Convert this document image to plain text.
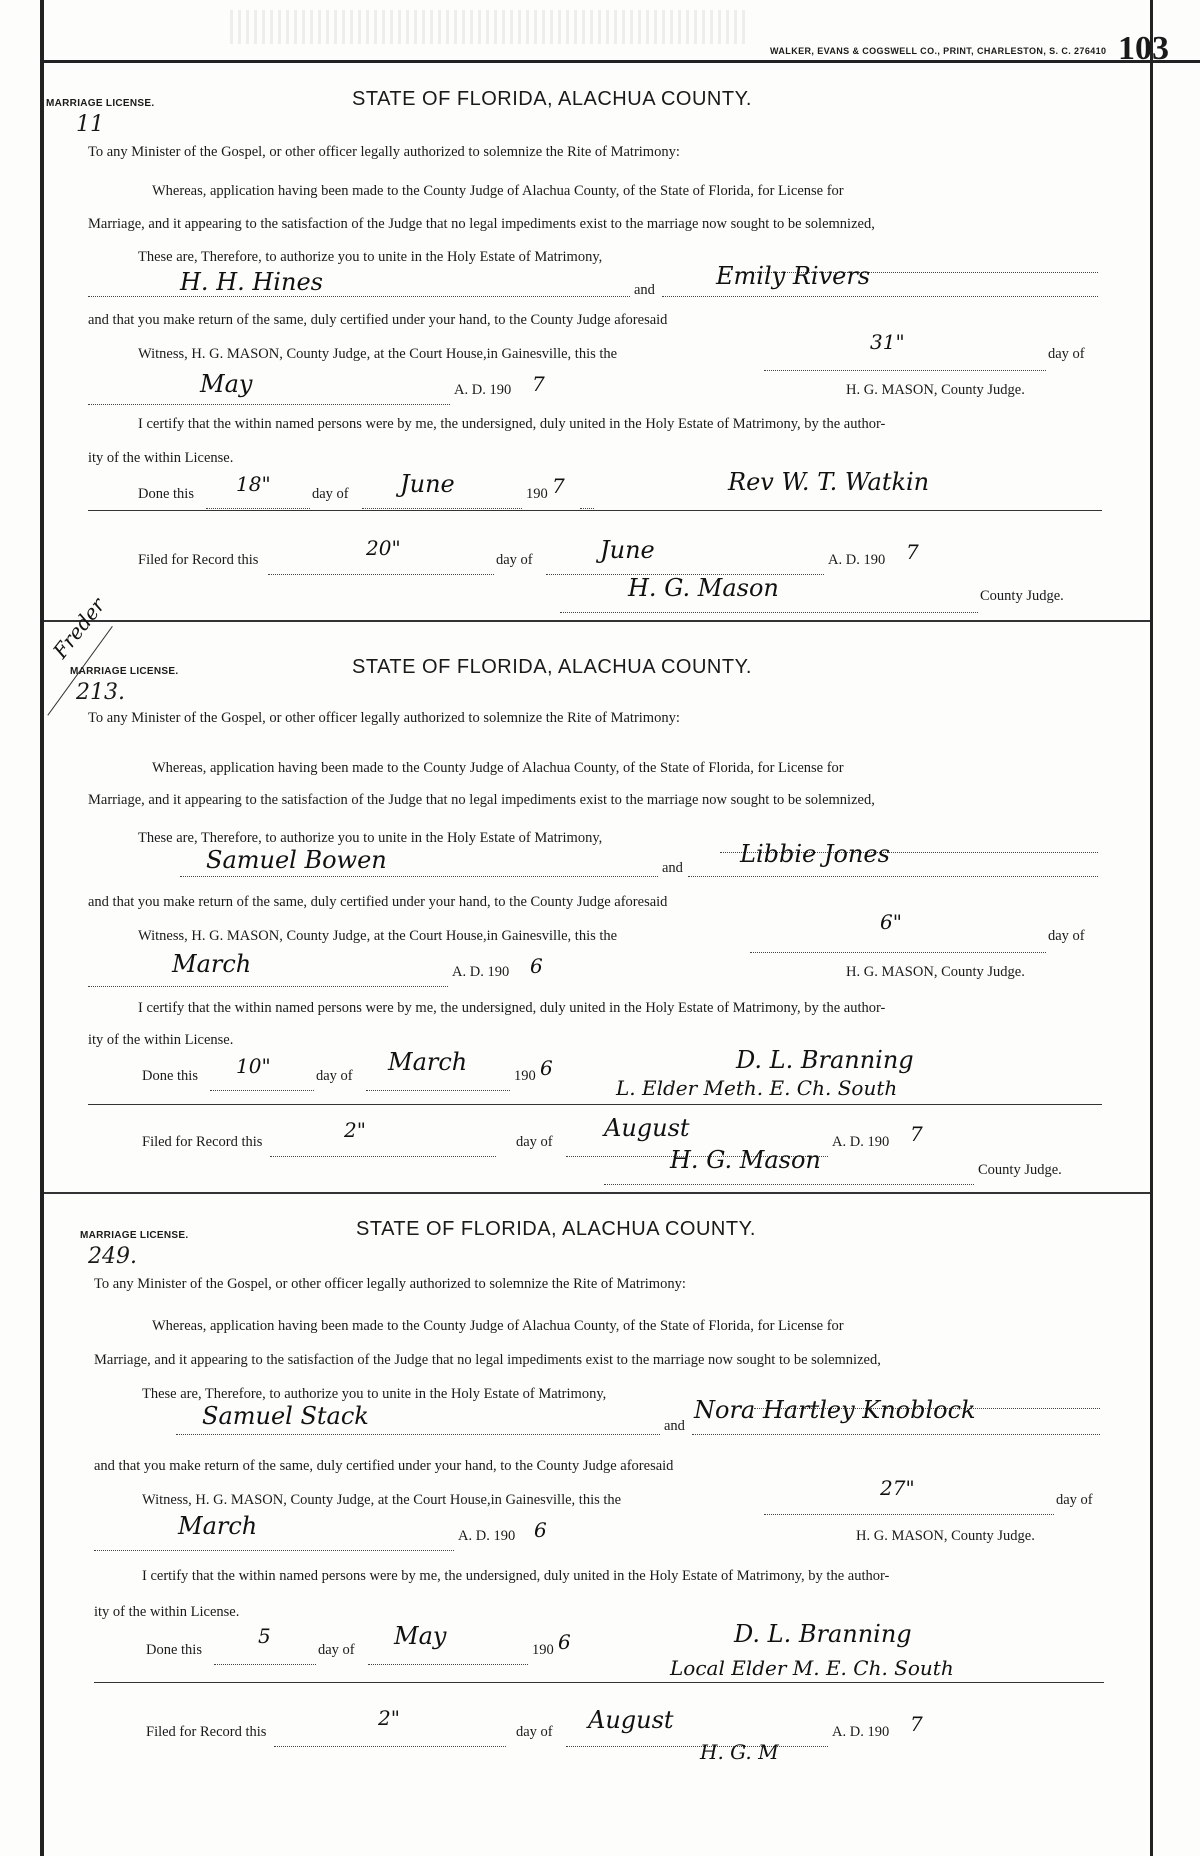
WALKER, EVANS & COGSWELL CO., PRINT, CHARLESTON, S. C. 276410 103
MARRIAGE LICENSE.	STATE OF FLORIDA, ALACHUA COUNTY.
11
To any Minister of the Gospel, or other officer legally authorized to solemnize the Rite of Matrimony:
Whereas, application having been made to the County Judge of Alachua County, of the State of Florida, for License for
Marriage, and it appearing to the satisfaction of the Judge that no legal impediments exist to the marriage now sought to be solemnized,
These are, Therefore, to authorize you to unite in the Holy Estate of Matrimony,
H. H. Hines	and	Emily Rivers
and that you make return of the same, duly certified under your hand, to the County Judge aforesaid
Witness, H. G. MASON, County Judge, at the Court House,in Gainesville, this the	31"	day of
May	A. D. 190 7	H. G. MASON, County Judge.
I certify that the within named persons were by me, the undersigned, duly united in the Holy Estate of Matrimony, by the author-
ity of the within License.
Done this 18"	day of June	190 7	Rev W. T. Watkin
Filed for Record this	20"	day of	June	A. D. 190 7
H. G. Mason	County Judge.
Freder
MARRIAGE LICENSE.	STATE OF FLORIDA, ALACHUA COUNTY.
213.
To any Minister of the Gospel, or other officer legally authorized to solemnize the Rite of Matrimony:
Whereas, application having been made to the County Judge of Alachua County, of the State of Florida, for License for
Marriage, and it appearing to the satisfaction of the Judge that no legal impediments exist to the marriage now sought to be solemnized,
These are, Therefore, to authorize you to unite in the Holy Estate of Matrimony,
Samuel Bowen	and Libbie Jones
and that you make return of the same, duly certified under your hand, to the County Judge aforesaid
Witness, H. G. MASON, County Judge, at the Court House,in Gainesville, this the
6"
day of
March	A. D. 190 6	H. G. MASON, County Judge.
I certify that the within named persons were by me, the undersigned, duly united in the Holy Estate of Matrimony, by the author-
ity of the within License.
Done this 10"	day of March	190 6	D. L. Branning
L. Elder Meth. E. Ch. South
Filed for Record this	2"	day of August	A. D. 190 7
H. G. Mason	County Judge.
MARRIAGE LICENSE.	STATE OF FLORIDA, ALACHUA COUNTY.
249.
To any Minister of the Gospel, or other officer legally authorized to solemnize the Rite of Matrimony:
Whereas, application having been made to the County Judge of Alachua County, of the State of Florida, for License for
Marriage, and it appearing to the satisfaction of the Judge that no legal impediments exist to the marriage now sought to be solemnized,
These are, Therefore, to authorize you to unite in the Holy Estate of Matrimony,
Samuel Stack	and
Nora Hartley Knoblock
and that you make return of the same, duly certified under your hand, to the County Judge aforesaid
Witness, H. G. MASON, County Judge, at the Court House,in Gainesville, this the	27"	day of
March	A. D. 190 6	H. G. MASON, County Judge.
I certify that the within named persons were by me, the undersigned, duly united in the Holy Estate of Matrimony, by the author-
ity of the within License.
Done this
5
day of May	190 6	D. L. Branning
Local Elder M. E. Ch. South
Filed for Record this
2"
day of August	A. D. 190 7
H. G. M
